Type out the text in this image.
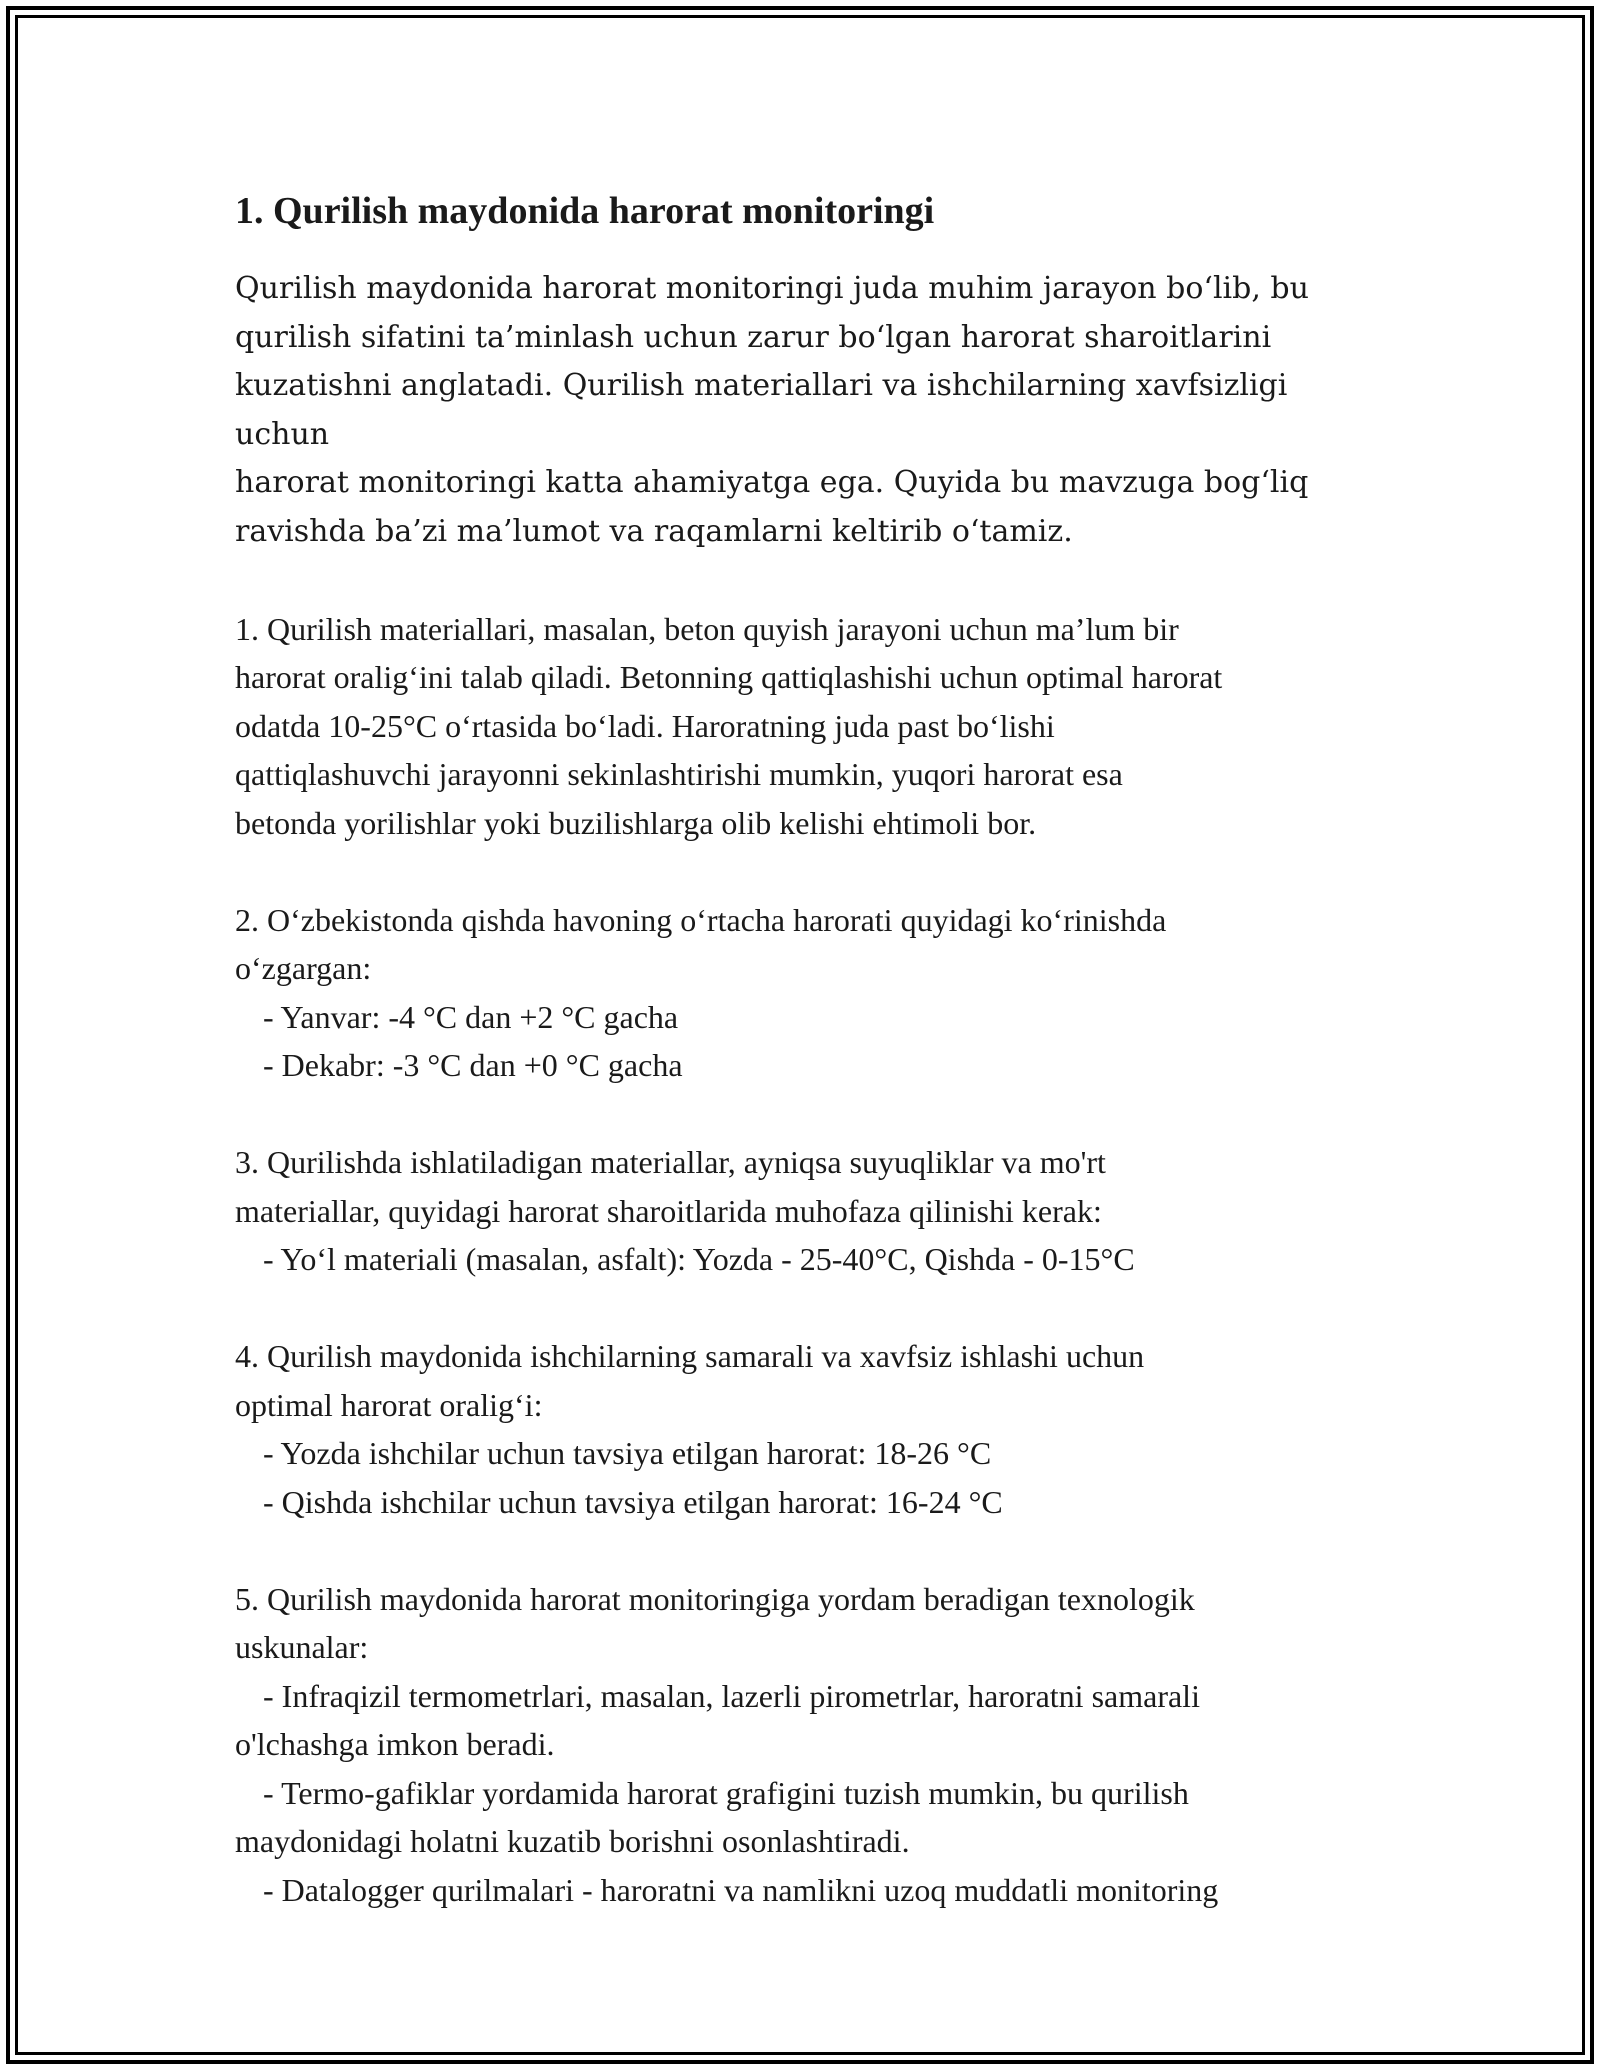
1. Qurilish maydonida harorat monitoringi
Qurilish maydonida harorat monitoringi juda muhim jarayon bo‘lib, bu
qurilish sifatini ta’minlash uchun zarur bo‘lgan harorat sharoitlarini
kuzatishni anglatadi. Qurilish materiallari va ishchilarning xavfsizligi uchun
harorat monitoringi katta ahamiyatga ega. Quyida bu mavzuga bog‘liq
ravishda ba’zi ma’lumot va raqamlarni keltirib o‘tamiz.
1. Qurilish materiallari, masalan, beton quyish jarayoni uchun ma’lum bir
harorat oralig‘ini talab qiladi. Betonning qattiqlashishi uchun optimal harorat
odatda 10-25°C o‘rtasida bo‘ladi. Haroratning juda past bo‘lishi
qattiqlashuvchi jarayonni sekinlashtirishi mumkin, yuqori harorat esa
betonda yorilishlar yoki buzilishlarga olib kelishi ehtimoli bor.
2. O‘zbekistonda qishda havoning o‘rtacha harorati quyidagi ko‘rinishda
o‘zgargan:
- Yanvar: -4 °C dan +2 °C gacha
- Dekabr: -3 °C dan +0 °C gacha
3. Qurilishda ishlatiladigan materiallar, ayniqsa suyuqliklar va mo'rt
materiallar, quyidagi harorat sharoitlarida muhofaza qilinishi kerak:
- Yo‘l materiali (masalan, asfalt): Yozda - 25-40°C, Qishda - 0-15°C
4. Qurilish maydonida ishchilarning samarali va xavfsiz ishlashi uchun
optimal harorat oralig‘i:
- Yozda ishchilar uchun tavsiya etilgan harorat: 18-26 °C
- Qishda ishchilar uchun tavsiya etilgan harorat: 16-24 °C
5. Qurilish maydonida harorat monitoringiga yordam beradigan texnologik
uskunalar:
- Infraqizil termometrlari, masalan, lazerli pirometrlar, haroratni samarali
o'lchashga imkon beradi.
- Termo-gafiklar yordamida harorat grafigini tuzish mumkin, bu qurilish
maydonidagi holatni kuzatib borishni osonlashtiradi.
- Datalogger qurilmalari - haroratni va namlikni uzoq muddatli monitoring
